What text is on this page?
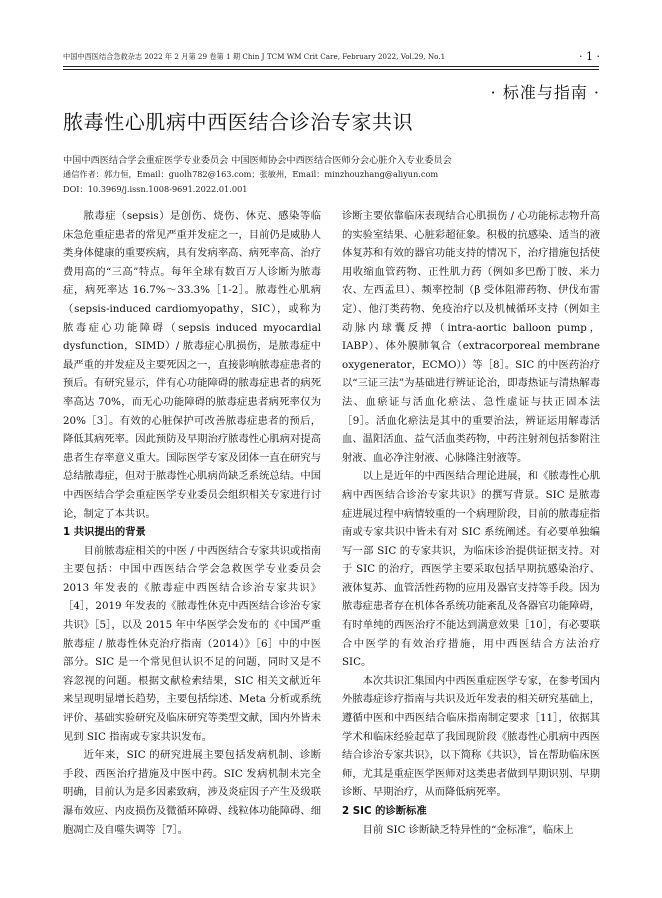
中国中西医结合急救杂志 2022 年 2 月第 29 卷第 1 期 Chin J TCM WM Crit Care, February 2022, Vol.29, No.1	· 1 ·
· 标准与指南 ·
脓毒性心肌病中西医结合诊治专家共识
中国中西医结合学会重症医学专业委员会 中国医师协会中西医结合医师分会心脏介入专业委员会
通信作者：郭力恒，Email：guolh782@163.com；张敏州，Email：minzhouzhang@aliyun.com
DOI：10.3969/j.issn.1008-9691.2022.01.001

脓毒症（sepsis）是创伤、烧伤、休克、感染等临床急危重症患者的常见严重并发症之一，目前仍是威胁人类身体健康的重要疾病，具有发病率高、病死率高、治疗费用高的“三高”特点。每年全球有数百万人诊断为脓毒症，病死率达 16.7%～33.3%［1-2］。脓毒性心肌病（sepsis-induced cardiomyopathy，SIC），或称为脓毒症心功能障碍（sepsis induced myocardial dysfunction，SIMD）/ 脓毒症心肌损伤，是脓毒症中最严重的并发症及主要死因之一，直接影响脓毒症患者的预后。有研究显示，伴有心功能障碍的脓毒症患者的病死率高达 70%，而无心功能障碍的脓毒症患者病死率仅为 20%［3］。有效的心脏保护可改善脓毒症患者的预后，降低其病死率。因此预防及早期治疗脓毒性心肌病对提高患者生存率意义重大。国际医学专家及团体一直在研究与总结脓毒症，但对于脓毒性心肌病尚缺乏系统总结。中国中西医结合学会重症医学专业委员会组织相关专家进行讨论，制定了本共识。

1 共识提出的背景

目前脓毒症相关的中医 / 中西医结合专家共识或指南主要包括：中国中西医结合学会急救医学专业委员会 2013 年发表的《脓毒症中西医结合诊治专家共识》［4］，2019 年发表的《脓毒性休克中西医结合诊治专家共识》［5］，以及 2015 年中华医学会发布的《中国严重脓毒症 / 脓毒性休克治疗指南（2014）》［6］中的中医部分。SIC 是一个常见但认识不足的问题，同时又是不容忽视的问题。根据文献检索结果，SIC 相关文献近年来呈现明显增长趋势，主要包括综述、Meta 分析或系统评价、基础实验研究及临床研究等类型文献，国内外皆未见到 SIC 指南或专家共识发布。

近年来，SIC 的研究进展主要包括发病机制、诊断手段、西医治疗措施及中医中药。SIC 发病机制未完全明确，目前认为是多因素致病，涉及炎症因子产生及级联瀑布效应、内皮损伤及微循环障碍、线粒体功能障碍、细胞凋亡及自噬失调等［7］。

诊断主要依靠临床表现结合心肌损伤 / 心功能标志物升高的实验室结果、心脏彩超征象。积极的抗感染、适当的液体复苏和有效的器官功能支持的情况下，治疗措施包括使用收缩血管药物、正性肌力药（例如多巴酚丁胺、米力农、左西孟旦）、频率控制（β 受体阻滞药物、伊伐布雷定）、他汀类药物、免疫治疗以及机械循环支持（例如主动脉内球囊反搏（intra-aortic balloon pump，IABP）、体外膜肺氧合（extracorporeal membrane oxygenerator，ECMO））等［8］。SIC 的中医药治疗以“三证三法”为基础进行辨证论治，即毒热证与清热解毒法、血瘀证与活血化瘀法、急性虚证与扶正固本法［9］。活血化瘀法是其中的重要治法，辨证运用解毒活血、温阳活血、益气活血类药物，中药注射剂包括参附注射液、血必净注射液、心脉隆注射液等。

以上是近年的中西医结合理论进展，和《脓毒性心肌病中西医结合诊治专家共识》的撰写背景。SIC 是脓毒症进展过程中病情较重的一个病理阶段，目前的脓毒症指南或专家共识中皆未有对 SIC 系统阐述。有必要单独编写一部 SIC 的专家共识，为临床诊治提供证据支持。对于 SIC 的治疗，西医学主要采取包括早期抗感染治疗、液体复苏、血管活性药物的应用及器官支持等手段。因为脓毒症患者存在机体各系统功能紊乱及各器官功能障碍，有时单纯的西医治疗不能达到满意效果［10］，有必要联合中医学的有效治疗措施，用中西医结合方法治疗 SIC。

本次共识汇集国内中西医重症医学专家，在参考国内外脓毒症诊疗指南与共识及近年发表的相关研究基础上，遵循中医和中西医结合临床指南制定要求［11］，依据其学术和临床经验起草了我国现阶段《脓毒性心肌病中西医结合诊治专家共识》，以下简称《共识》，旨在帮助临床医师，尤其是重症医学医师对这类患者做到早期识别、早期诊断、早期治疗，从而降低病死率。

2 SIC 的诊断标准

目前 SIC 诊断缺乏特异性的“金标准”，临床上
